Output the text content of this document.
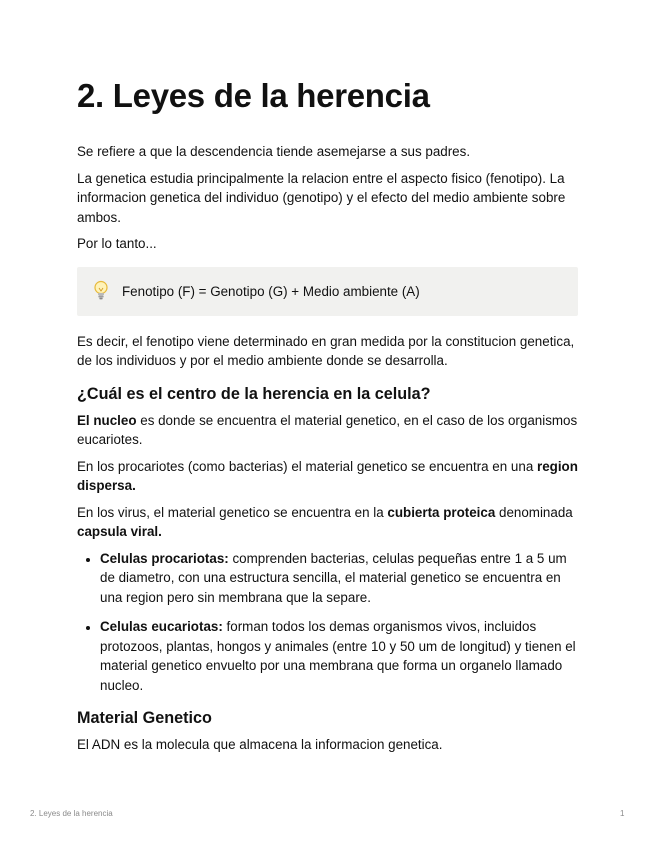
2. Leyes de la herencia

Se refiere a que la descendencia tiende asemejarse a sus padres.

La genetica estudia principalmente la relacion entre el aspecto fisico (fenotipo). La informacion genetica del individuo (genotipo) y el efecto del medio ambiente sobre ambos.

Por lo tanto...

Fenotipo (F) = Genotipo (G) + Medio ambiente (A)

Es decir, el fenotipo viene determinado en gran medida por la constitucion genetica, de los individuos y por el medio ambiente donde se desarrolla.

¿Cuál es el centro de la herencia en la celula?

El nucleo es donde se encuentra el material genetico, en el caso de los organismos eucariotes.

En los procariotes (como bacterias) el material genetico se encuentra en una region dispersa.

En los virus, el material genetico se encuentra en la cubierta proteica denominada capsula viral.

• Celulas procariotas: comprenden bacterias, celulas pequeñas entre 1 a 5 um de diametro, con una estructura sencilla, el material genetico se encuentra en una region pero sin membrana que la separe.
• Celulas eucariotas: forman todos los demas organismos vivos, incluidos protozoos, plantas, hongos y animales (entre 10 y 50 um de longitud) y tienen el material genetico envuelto por una membrana que forma un organelo llamado nucleo.
Material Genetico

El ADN es la molecula que almacena la informacion genetica.

2. Leyes de la herencia	1
